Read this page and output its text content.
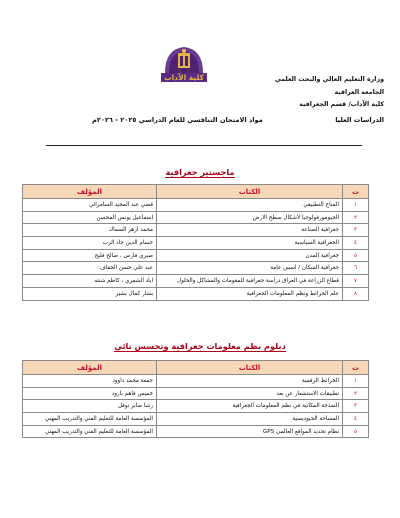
كلية الآداب	وزارة التعليم العالي والبحث العلمي
الجامعة العراقية
كلية الآداب/ قسم الجغرافية
الدراسات العليا
مواد الامتحان التنافسي للعام الدراسي ٢٠٢٥ - ٢٠٢٦م
ماجستير جغرافية
ت	الكتاب	المؤلف
١	المناخ التطبيقي	قصي عبد المجيد السامرائي
٢	الجيومورفولوجيا لأشكال سطح الارض	اسماعيل يونس المحسن
٣	جغرافية الصناعة	محمد ازهر السماك
٤	الجغرافية السياسية	حسام الدين جاد الرب
٥	جغرافية المدن	صبري فارس ، صالح فليح
٦	جغرافية السكان / اسس عامة	عبد علي حسن الخفاف
٧	قطاع الزراعة في العراق دراسة جغرافية للمقومات والمشاكل والحلول	اياد الشمري ، كاظم شنته
٨	علم الخرائط ونظم المعلومات الجغرافية	بشار كمال بشير
دبلوم نظم معلومات جغرافية وتحسس نائي
ت	الكتاب	المؤلف
١	الخرائط الرقمية	جمعة محمد داوود
٢	تطبيقات الاستشعار عن بعد	خميس فاهم بارود
٣	النمذجة المكانية في نظم المعلومات الجغرافية	رشا صابر نوفل
٤	المساحة الجيوديسية	المؤسسة العامة للتعليم الفني والتدريب المهني
٥	نظام تحديد المواقع العالمي GPS	المؤسسة العامة للتعليم الفني والتدريب المهني
